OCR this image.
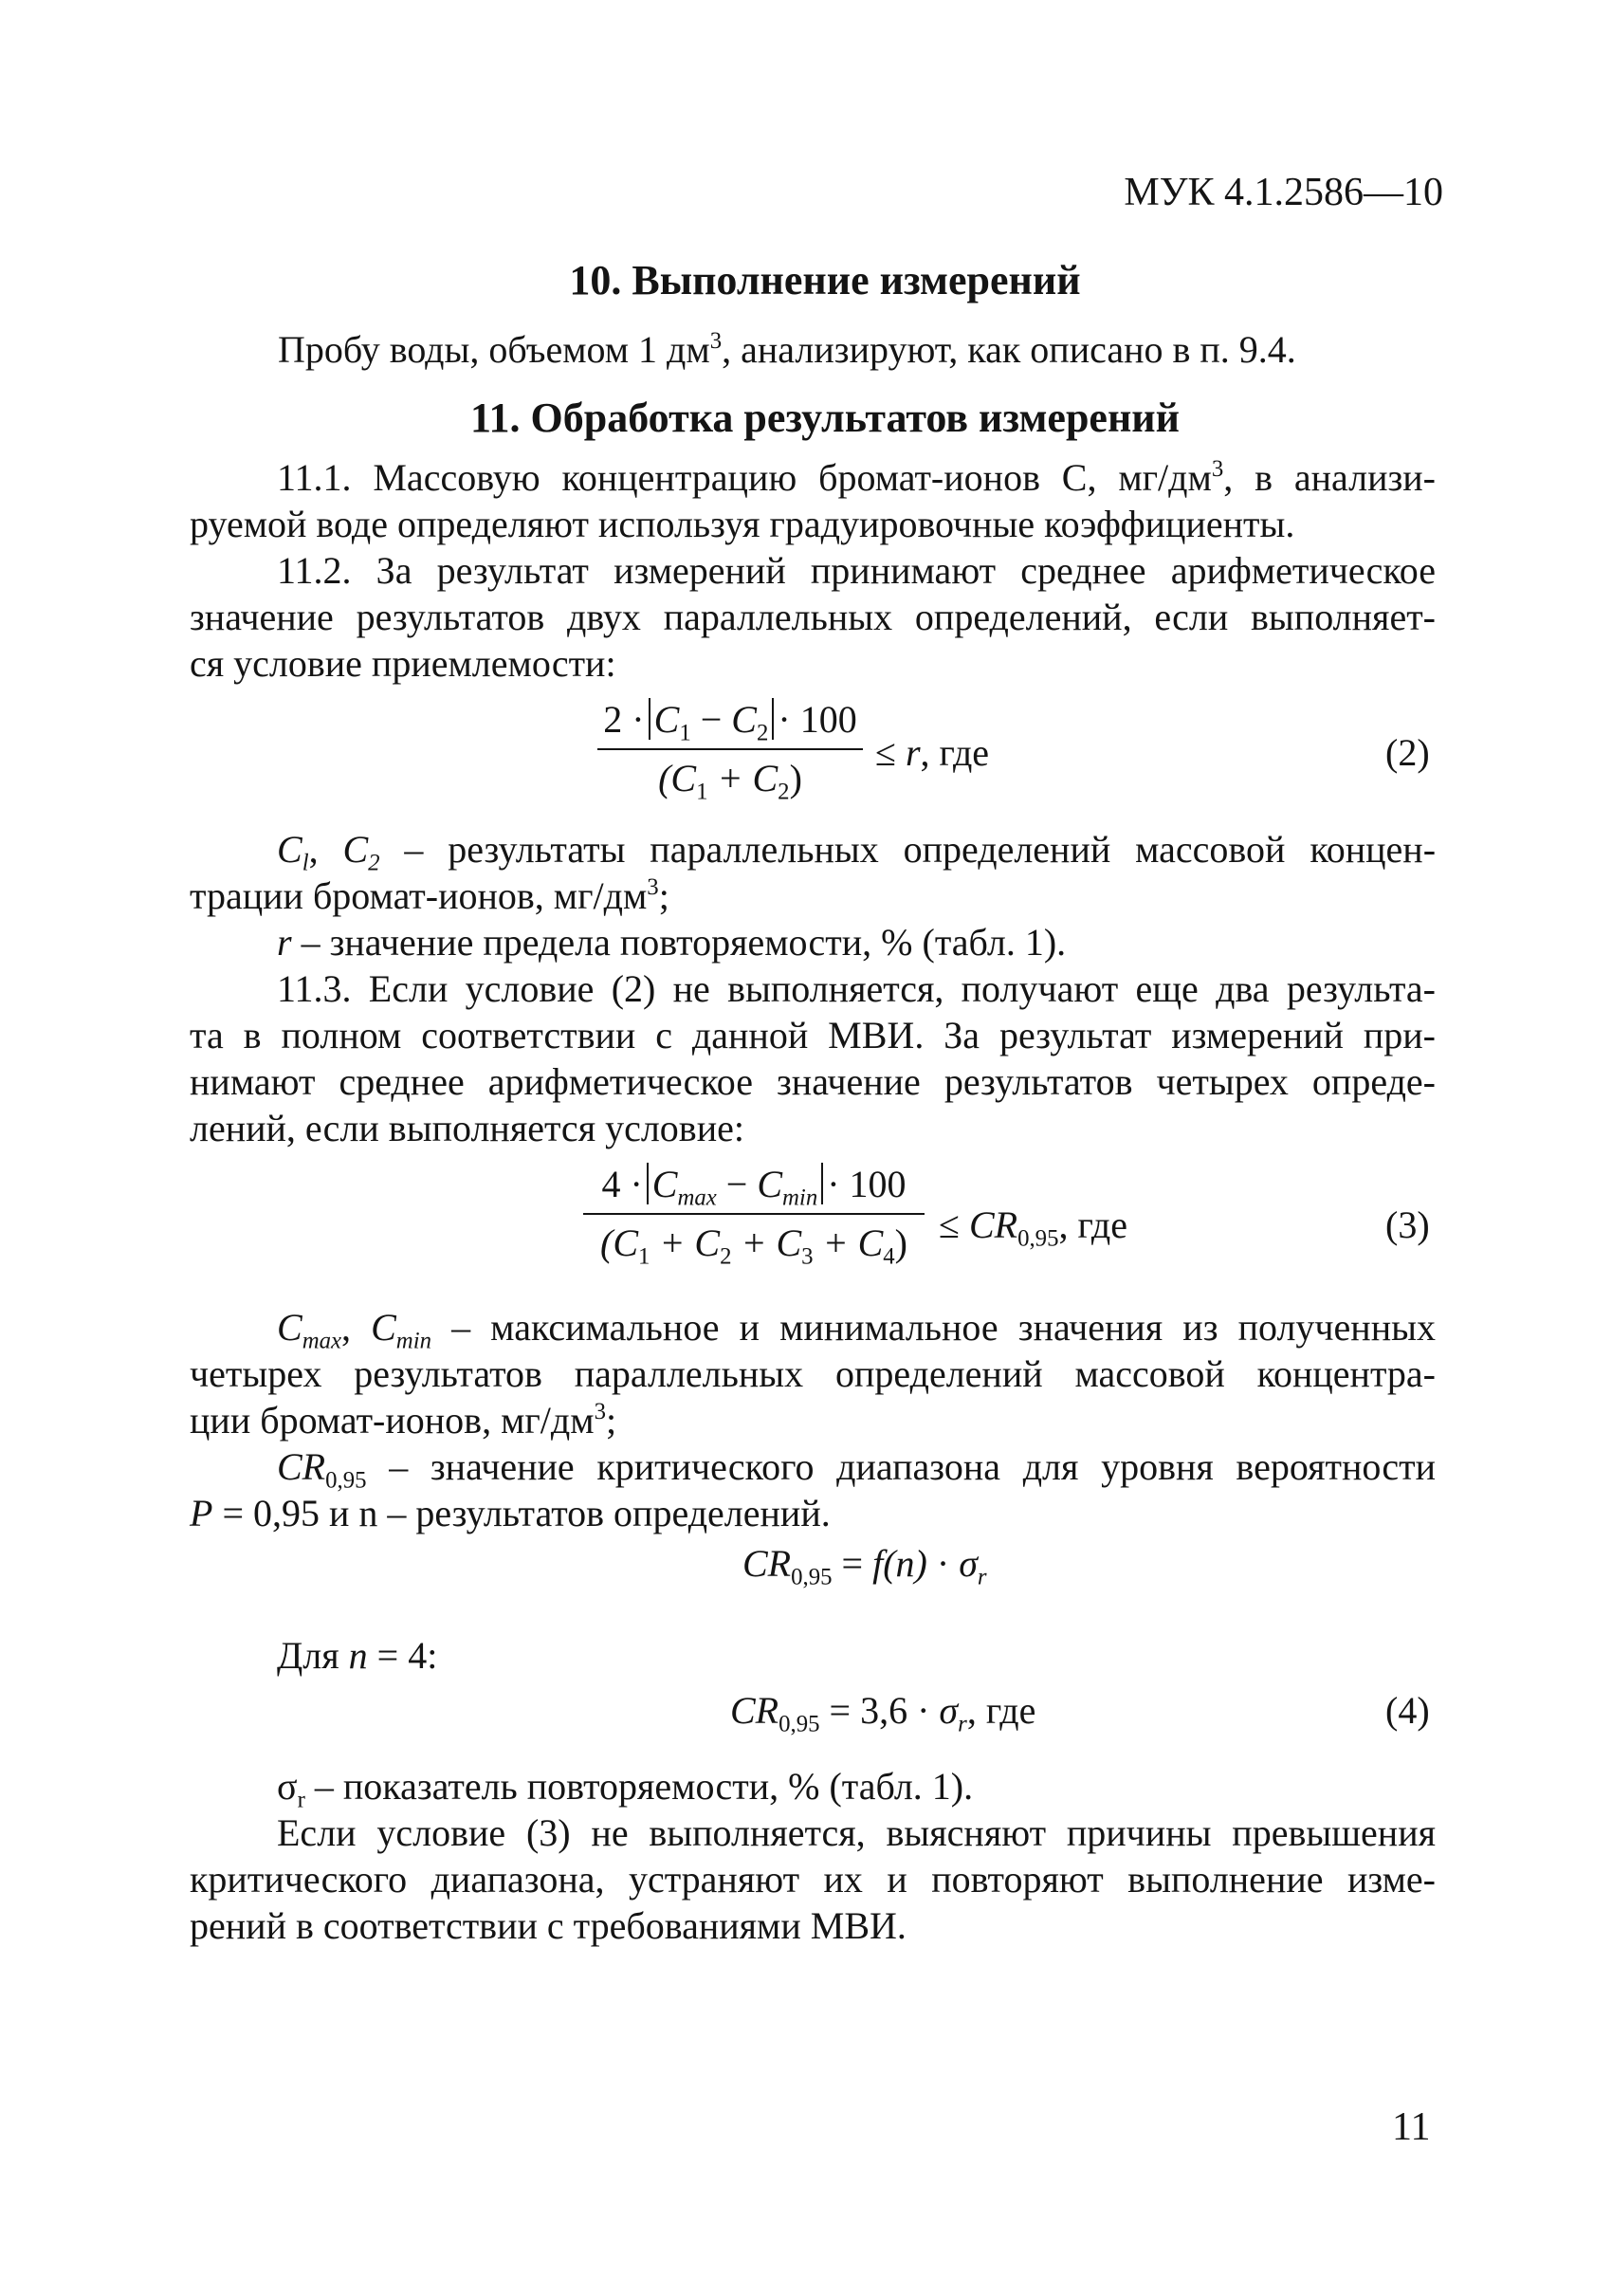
МУК 4.1.2586—10
10. Выполнение измерений
Пробу воды, объемом 1 $дм^3$, анализируют, как описано в п. 9.4.
11. Обработка результатов измерений
11.1. Массовую концентрацию бромат-ионов С, $мг/дм^3$, в анализи-
руемой воде определяют используя градуировочные коэффициенты.
11.2. За результат измерений принимают среднее арифметическое
значение результатов двух параллельных определений, если выполняет-
ся условие приемлемости:
$2 \cdot C_1 - C_2 \cdot 100$
$(C_1 + C_2)$
≤ r, где	(2)
$C_l$, $C_2$ – результаты параллельных определений массовой концен-
трации бромат-ионов, $мг/дм^3$;
r – значение предела повторяемости, % (табл. 1).
11.3. Если условие (2) не выполняется, получают еще два результа-
та в полном соответствии с данной МВИ. За результат измерений при-
нимают среднее арифметическое значение результатов четырех опреде-
лений, если выполняется условие:
$4 \cdot C_{max} - C_{min} \cdot 100$
$(C_1 + C_2 + C_3 + C_4) \le CR_{0,95}$, где	(3)
$C_{max}$, $C_{min}$ – максимальное и минимальное значения из полученных
четырех результатов параллельных определений массовой концентра-
ции бромат-ионов, $мг/дм^3$;
$CR_{0,95}$ – значение критического диапазона для уровня вероятности
P = 0,95 и n – результатов определений.
$CR_{0,95} = f(n) \cdot \sigma_r$
Для n = 4:
$CR_{0,95} = 3,6 \cdot \sigma_r$, где	(4)
$\sigma_r$ – показатель повторяемости, % (табл. 1).
Если условие (3) не выполняется, выясняют причины превышения
критического диапазона, устраняют их и повторяют выполнение изме-
рений в соответствии с требованиями МВИ.
11
